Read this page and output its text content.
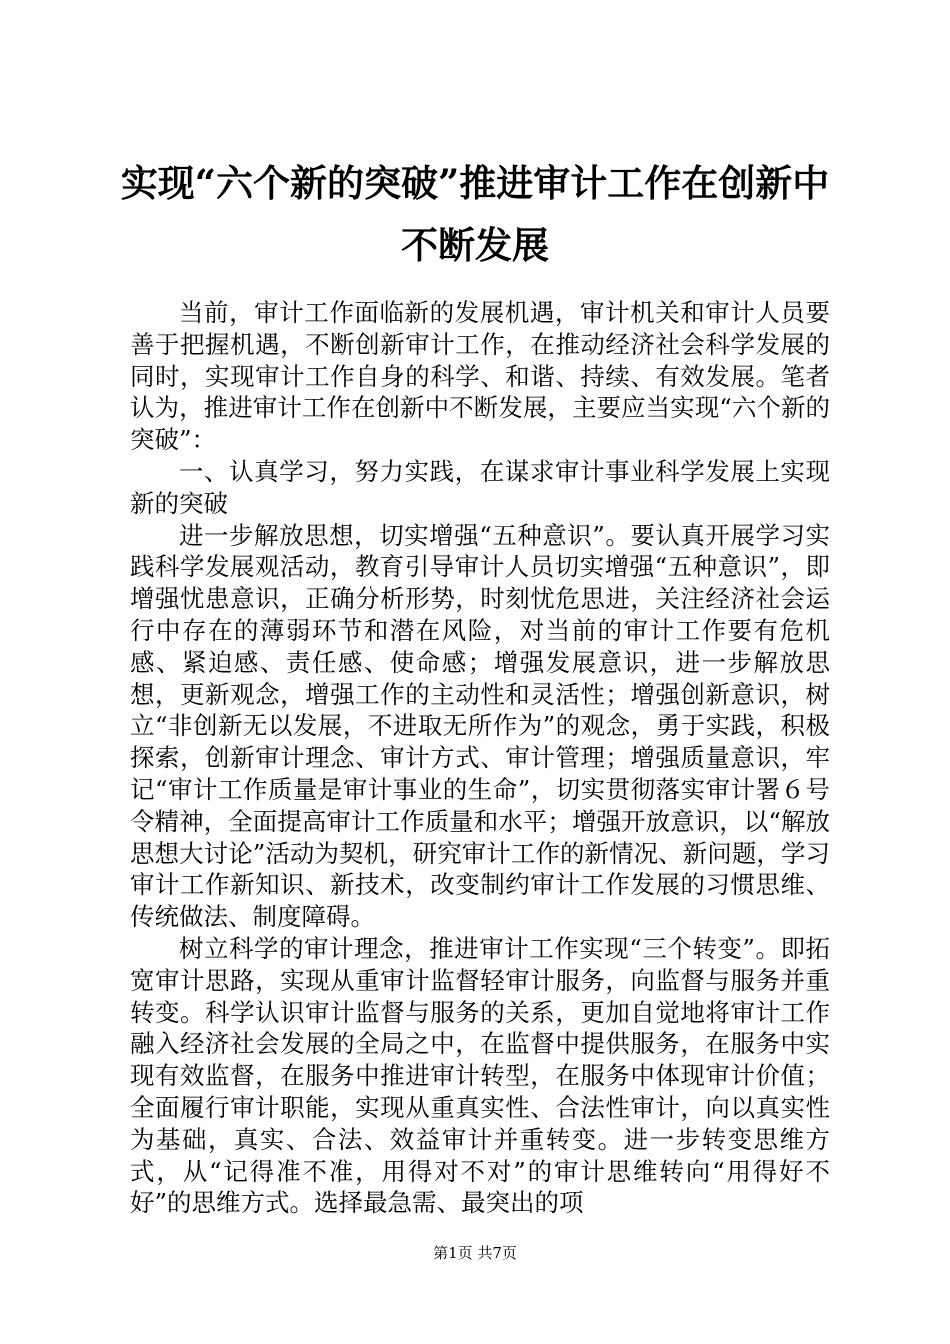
实现“六个新的突破”推进审计工作在创新中
不断发展

当前，审计工作面临新的发展机遇，审计机关和审计人员要善于把握机遇，不断创新审计工作，在推动经济社会科学发展的同时，实现审计工作自身的科学、和谐、持续、有效发展。笔者认为，推进审计工作在创新中不断发展，主要应当实现“六个新的突破”：

一、认真学习，努力实践，在谋求审计事业科学发展上实现新的突破

进一步解放思想，切实增强“五种意识”。要认真开展学习实践科学发展观活动，教育引导审计人员切实增强“五种意识”，即增强忧患意识，正确分析形势，时刻忧危思进，关注经济社会运行中存在的薄弱环节和潜在风险，对当前的审计工作要有危机感、紧迫感、责任感、使命感；增强发展意识，进一步解放思想，更新观念，增强工作的主动性和灵活性；增强创新意识，树立“非创新无以发展，不进取无所作为”的观念，勇于实践，积极探索，创新审计理念、审计方式、审计管理；增强质量意识，牢记“审计工作质量是审计事业的生命”，切实贯彻落实审计署６号令精神，全面提高审计工作质量和水平；增强开放意识，以“解放思想大讨论”活动为契机，研究审计工作的新情况、新问题，学习审计工作新知识、新技术，改变制约审计工作发展的习惯思维、传统做法、制度障碍。

树立科学的审计理念，推进审计工作实现“三个转变”。即拓宽审计思路，实现从重审计监督轻审计服务，向监督与服务并重转变。科学认识审计监督与服务的关系，更加自觉地将审计工作融入经济社会发展的全局之中，在监督中提供服务，在服务中实现有效监督，在服务中推进审计转型，在服务中体现审计价值；全面履行审计职能，实现从重真实性、合法性审计，向以真实性为基础，真实、合法、效益审计并重转变。进一步转变思维方式，从“记得准不准，用得对不对”的审计思维转向“用得好不好”的思维方式。选择最急需、最突出的项

第1页 共7页
